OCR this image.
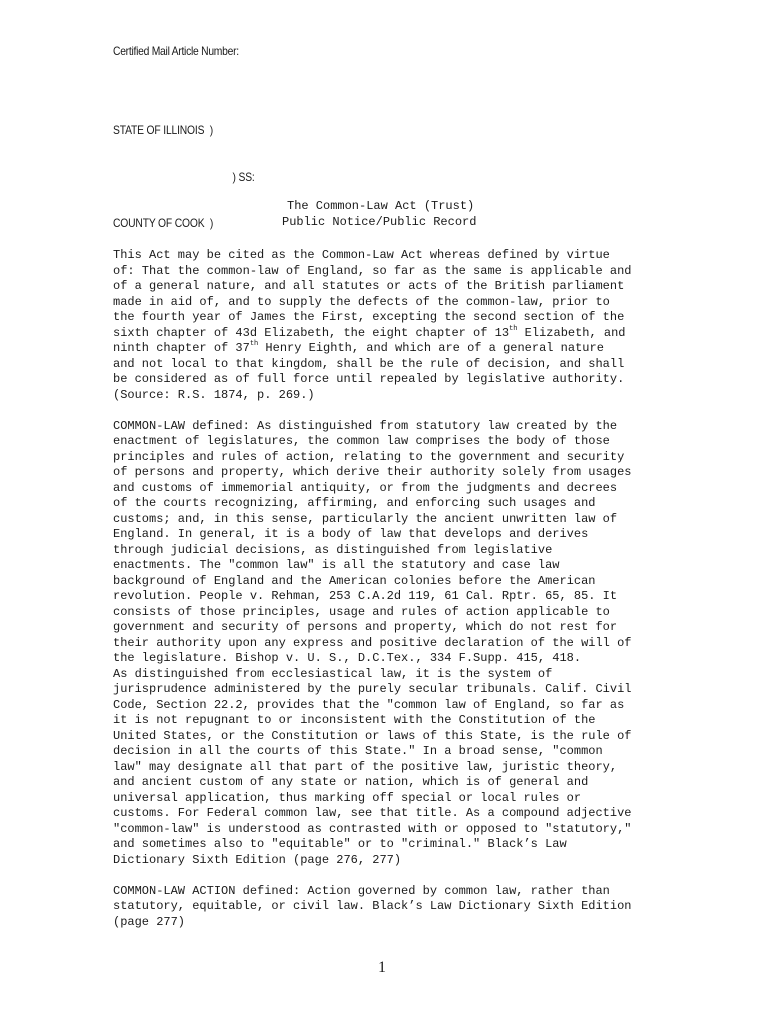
Certified Mail Article Number:

STATE OF ILLINOIS  )

) SS:

COUNTY OF COOK  )

The Common-Law Act (Trust)
Public Notice/Public Record
This Act may be cited as the Common-Law Act whereas defined by virtue
of: That the common-law of England, so far as the same is applicable and
of a general nature, and all statutes or acts of the British parliament
made in aid of, and to supply the defects of the common-law, prior to
the fourth year of James the First, excepting the second section of the
sixth chapter of 43d Elizabeth, the eight chapter of 13th Elizabeth, and
ninth chapter of 37th Henry Eighth, and which are of a general nature
and not local to that kingdom, shall be the rule of decision, and shall
be considered as of full force until repealed by legislative authority.
(Source: R.S. 1874, p. 269.)
COMMON-LAW defined: As distinguished from statutory law created by the
enactment of legislatures, the common law comprises the body of those
principles and rules of action, relating to the government and security
of persons and property, which derive their authority solely from usages
and customs of immemorial antiquity, or from the judgments and decrees
of the courts recognizing, affirming, and enforcing such usages and
customs; and, in this sense, particularly the ancient unwritten law of
England. In general, it is a body of law that develops and derives
through judicial decisions, as distinguished from legislative
enactments. The "common law" is all the statutory and case law
background of England and the American colonies before the American
revolution. People v. Rehman, 253 C.A.2d 119, 61 Cal. Rptr. 65, 85. It
consists of those principles, usage and rules of action applicable to
government and security of persons and property, which do not rest for
their authority upon any express and positive declaration of the will of
the legislature. Bishop v. U. S., D.C.Tex., 334 F.Supp. 415, 418.
As distinguished from ecclesiastical law, it is the system of
jurisprudence administered by the purely secular tribunals. Calif. Civil
Code, Section 22.2, provides that the "common law of England, so far as
it is not repugnant to or inconsistent with the Constitution of the
United States, or the Constitution or laws of this State, is the rule of
decision in all the courts of this State." In a broad sense, "common
law" may designate all that part of the positive law, juristic theory,
and ancient custom of any state or nation, which is of general and
universal application, thus marking off special or local rules or
customs. For Federal common law, see that title. As a compound adjective
"common-law" is understood as contrasted with or opposed to "statutory,"
and sometimes also to "equitable" or to "criminal." Black’s Law
Dictionary Sixth Edition (page 276, 277)
COMMON-LAW ACTION defined: Action governed by common law, rather than
statutory, equitable, or civil law. Black’s Law Dictionary Sixth Edition
(page 277)
1
